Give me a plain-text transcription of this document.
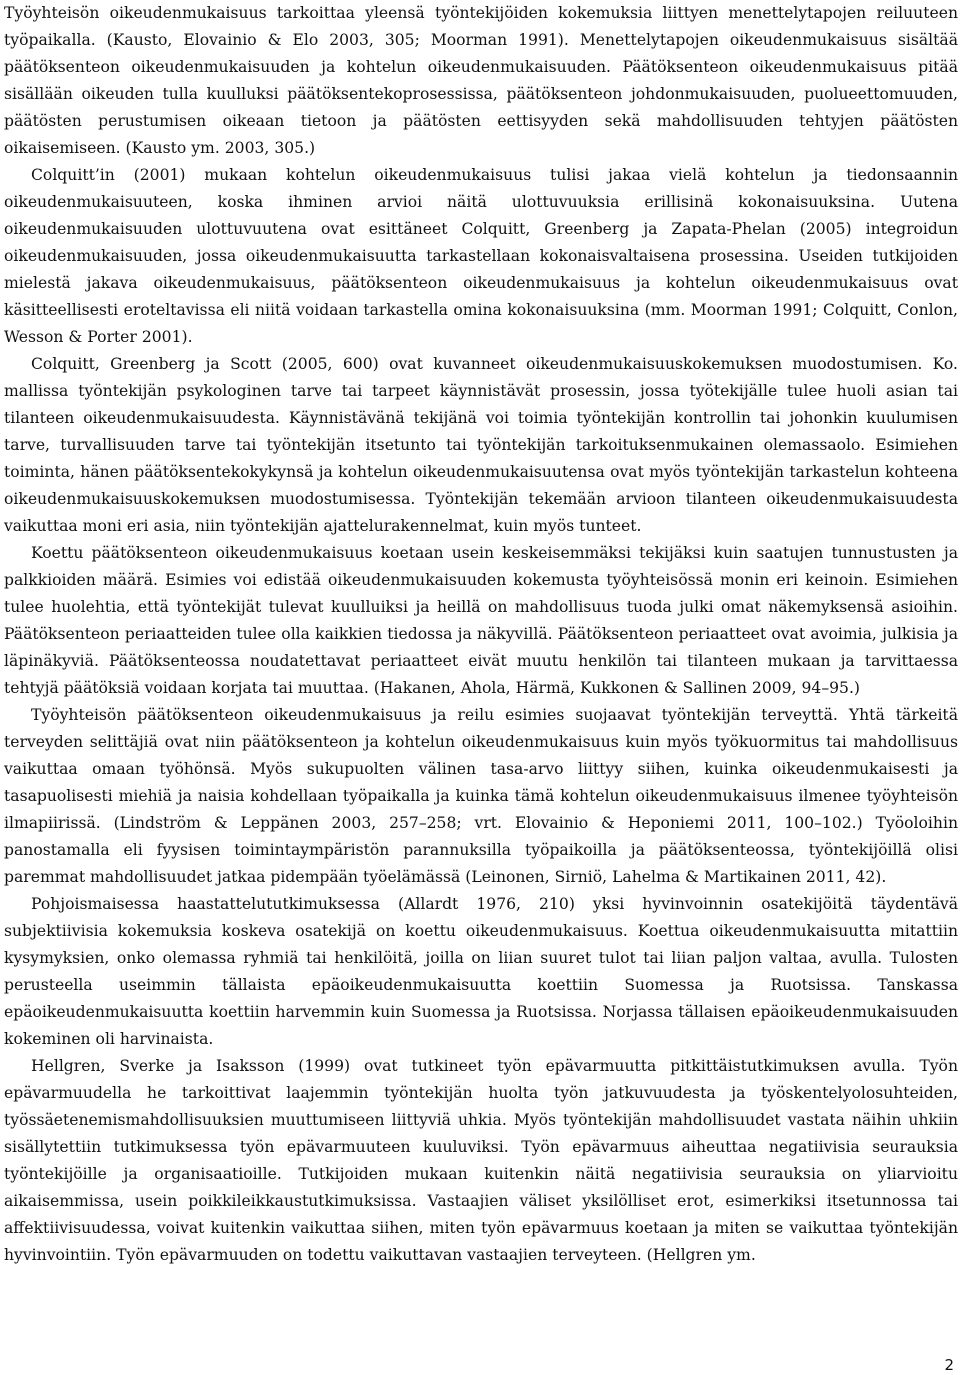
Työyhteisön oikeudenmukaisuus tarkoittaa yleensä työntekijöiden kokemuksia liittyen menettelytapojen reiluuteen työpaikalla. (Kausto, Elovainio & Elo 2003, 305; Moorman 1991). Menettelytapojen oikeudenmukaisuus sisältää päätöksenteon oikeudenmukaisuuden ja kohtelun oikeudenmukaisuuden. Päätöksenteon oikeudenmukaisuus pitää sisällään oikeuden tulla kuulluksi päätöksentekoprosessissa, päätöksenteon johdonmukaisuuden, puolueettomuuden, päätösten perustumisen oikeaan tietoon ja päätösten eettisyyden sekä mahdollisuuden tehtyjen päätösten oikaisemiseen. (Kausto ym. 2003, 305.)

Colquitt’in (2001) mukaan kohtelun oikeudenmukaisuus tulisi jakaa vielä kohtelun ja tiedonsaannin oikeudenmukaisuuteen, koska ihminen arvioi näitä ulottuvuuksia erillisinä kokonaisuuksina. Uutena oikeudenmukaisuuden ulottuvuutena ovat esittäneet Colquitt, Greenberg ja Zapata-Phelan (2005) integroidun oikeudenmukaisuuden, jossa oikeudenmukaisuutta tarkastellaan kokonaisvaltaisena prosessina. Useiden tutkijoiden mielestä jakava oikeudenmukaisuus, päätöksenteon oikeudenmukaisuus ja kohtelun oikeudenmukaisuus ovat käsitteellisesti eroteltavissa eli niitä voidaan tarkastella omina kokonaisuuksina (mm. Moorman 1991; Colquitt, Conlon, Wesson & Porter 2001).

Colquitt, Greenberg ja Scott (2005, 600) ovat kuvanneet oikeudenmukaisuuskokemuksen muodostumisen. Ko. mallissa työntekijän psykologinen tarve tai tarpeet käynnistävät prosessin, jossa työtekijälle tulee huoli asian tai tilanteen oikeudenmukaisuudesta. Käynnistävänä tekijänä voi toimia työntekijän kontrollin tai johonkin kuulumisen tarve, turvallisuuden tarve tai työntekijän itsetunto tai työntekijän tarkoituksenmukainen olemassaolo. Esimiehen toiminta, hänen päätöksentekokykynsä ja kohtelun oikeudenmukaisuutensa ovat myös työntekijän tarkastelun kohteena oikeudenmukaisuuskokemuksen muodostumisessa. Työntekijän tekemään arvioon tilanteen oikeudenmukaisuudesta vaikuttaa moni eri asia, niin työntekijän ajattelurakennelmat, kuin myös tunteet.

Koettu päätöksenteon oikeudenmukaisuus koetaan usein keskeisemmäksi tekijäksi kuin saatujen tunnustusten ja palkkioiden määrä. Esimies voi edistää oikeudenmukaisuuden kokemusta työyhteisössä monin eri keinoin. Esimiehen tulee huolehtia, että työntekijät tulevat kuulluiksi ja heillä on mahdollisuus tuoda julki omat näkemyksensä asioihin. Päätöksenteon periaatteiden tulee olla kaikkien tiedossa ja näkyvillä. Päätöksenteon periaatteet ovat avoimia, julkisia ja läpinäkyviä. Päätöksenteossa noudatettavat periaatteet eivät muutu henkilön tai tilanteen mukaan ja tarvittaessa tehtyjä päätöksiä voidaan korjata tai muuttaa. (Hakanen, Ahola, Härmä, Kukkonen & Sallinen 2009, 94–95.)

Työyhteisön päätöksenteon oikeudenmukaisuus ja reilu esimies suojaavat työntekijän terveyttä. Yhtä tärkeitä terveyden selittäjiä ovat niin päätöksenteon ja kohtelun oikeudenmukaisuus kuin myös työkuormitus tai mahdollisuus vaikuttaa omaan työhönsä. Myös sukupuolten välinen tasa-arvo liittyy siihen, kuinka oikeudenmukaisesti ja tasapuolisesti miehiä ja naisia kohdellaan työpaikalla ja kuinka tämä kohtelun oikeudenmukaisuus ilmenee työyhteisön ilmapiirissä. (Lindström & Leppänen 2003, 257–258; vrt. Elovainio & Heponiemi 2011, 100–102.) Työoloihin panostamalla eli fyysisen toimintaympäristön parannuksilla työpaikoilla ja päätöksenteossa, työntekijöillä olisi paremmat mahdollisuudet jatkaa pidempään työelämässä (Leinonen, Sirniö, Lahelma & Martikainen 2011, 42).

Pohjoismaisessa haastattelututkimuksessa (Allardt 1976, 210) yksi hyvinvoinnin osatekijöitä täydentävä subjektiivisia kokemuksia koskeva osatekijä on koettu oikeudenmukaisuus. Koettua oikeudenmukaisuutta mitattiin kysymyksien, onko olemassa ryhmiä tai henkilöitä, joilla on liian suuret tulot tai liian paljon valtaa, avulla. Tulosten perusteella useimmin tällaista epäoikeudenmukaisuutta koettiin Suomessa ja Ruotsissa. Tanskassa epäoikeudenmukaisuutta koettiin harvemmin kuin Suomessa ja Ruotsissa. Norjassa tällaisen epäoikeudenmukaisuuden kokeminen oli harvinaista.

Hellgren, Sverke ja Isaksson (1999) ovat tutkineet työn epävarmuutta pitkittäistutkimuksen avulla. Työn epävarmuudella he tarkoittivat laajemmin työntekijän huolta työn jatkuvuudesta ja työskentelyolosuhteiden, työssäetenemismahdollisuuksien muuttumiseen liittyviä uhkia. Myös työntekijän mahdollisuudet vastata näihin uhkiin sisällytettiin tutkimuksessa työn epävarmuuteen kuuluviksi. Työn epävarmuus aiheuttaa negatiivisia seurauksia työntekijöille ja organisaatioille. Tutkijoiden mukaan kuitenkin näitä negatiivisia seurauksia on yliarvioitu aikaisemmissa, usein poikkileikkaustutkimuksissa. Vastaajien väliset yksilölliset erot, esimerkiksi itsetunnossa tai affektiivisuudessa, voivat kuitenkin vaikuttaa siihen, miten työn epävarmuus koetaan ja miten se vaikuttaa työntekijän hyvinvointiin. Työn epävarmuuden on todettu vaikuttavan vastaajien terveyteen. (Hellgren ym.

2
